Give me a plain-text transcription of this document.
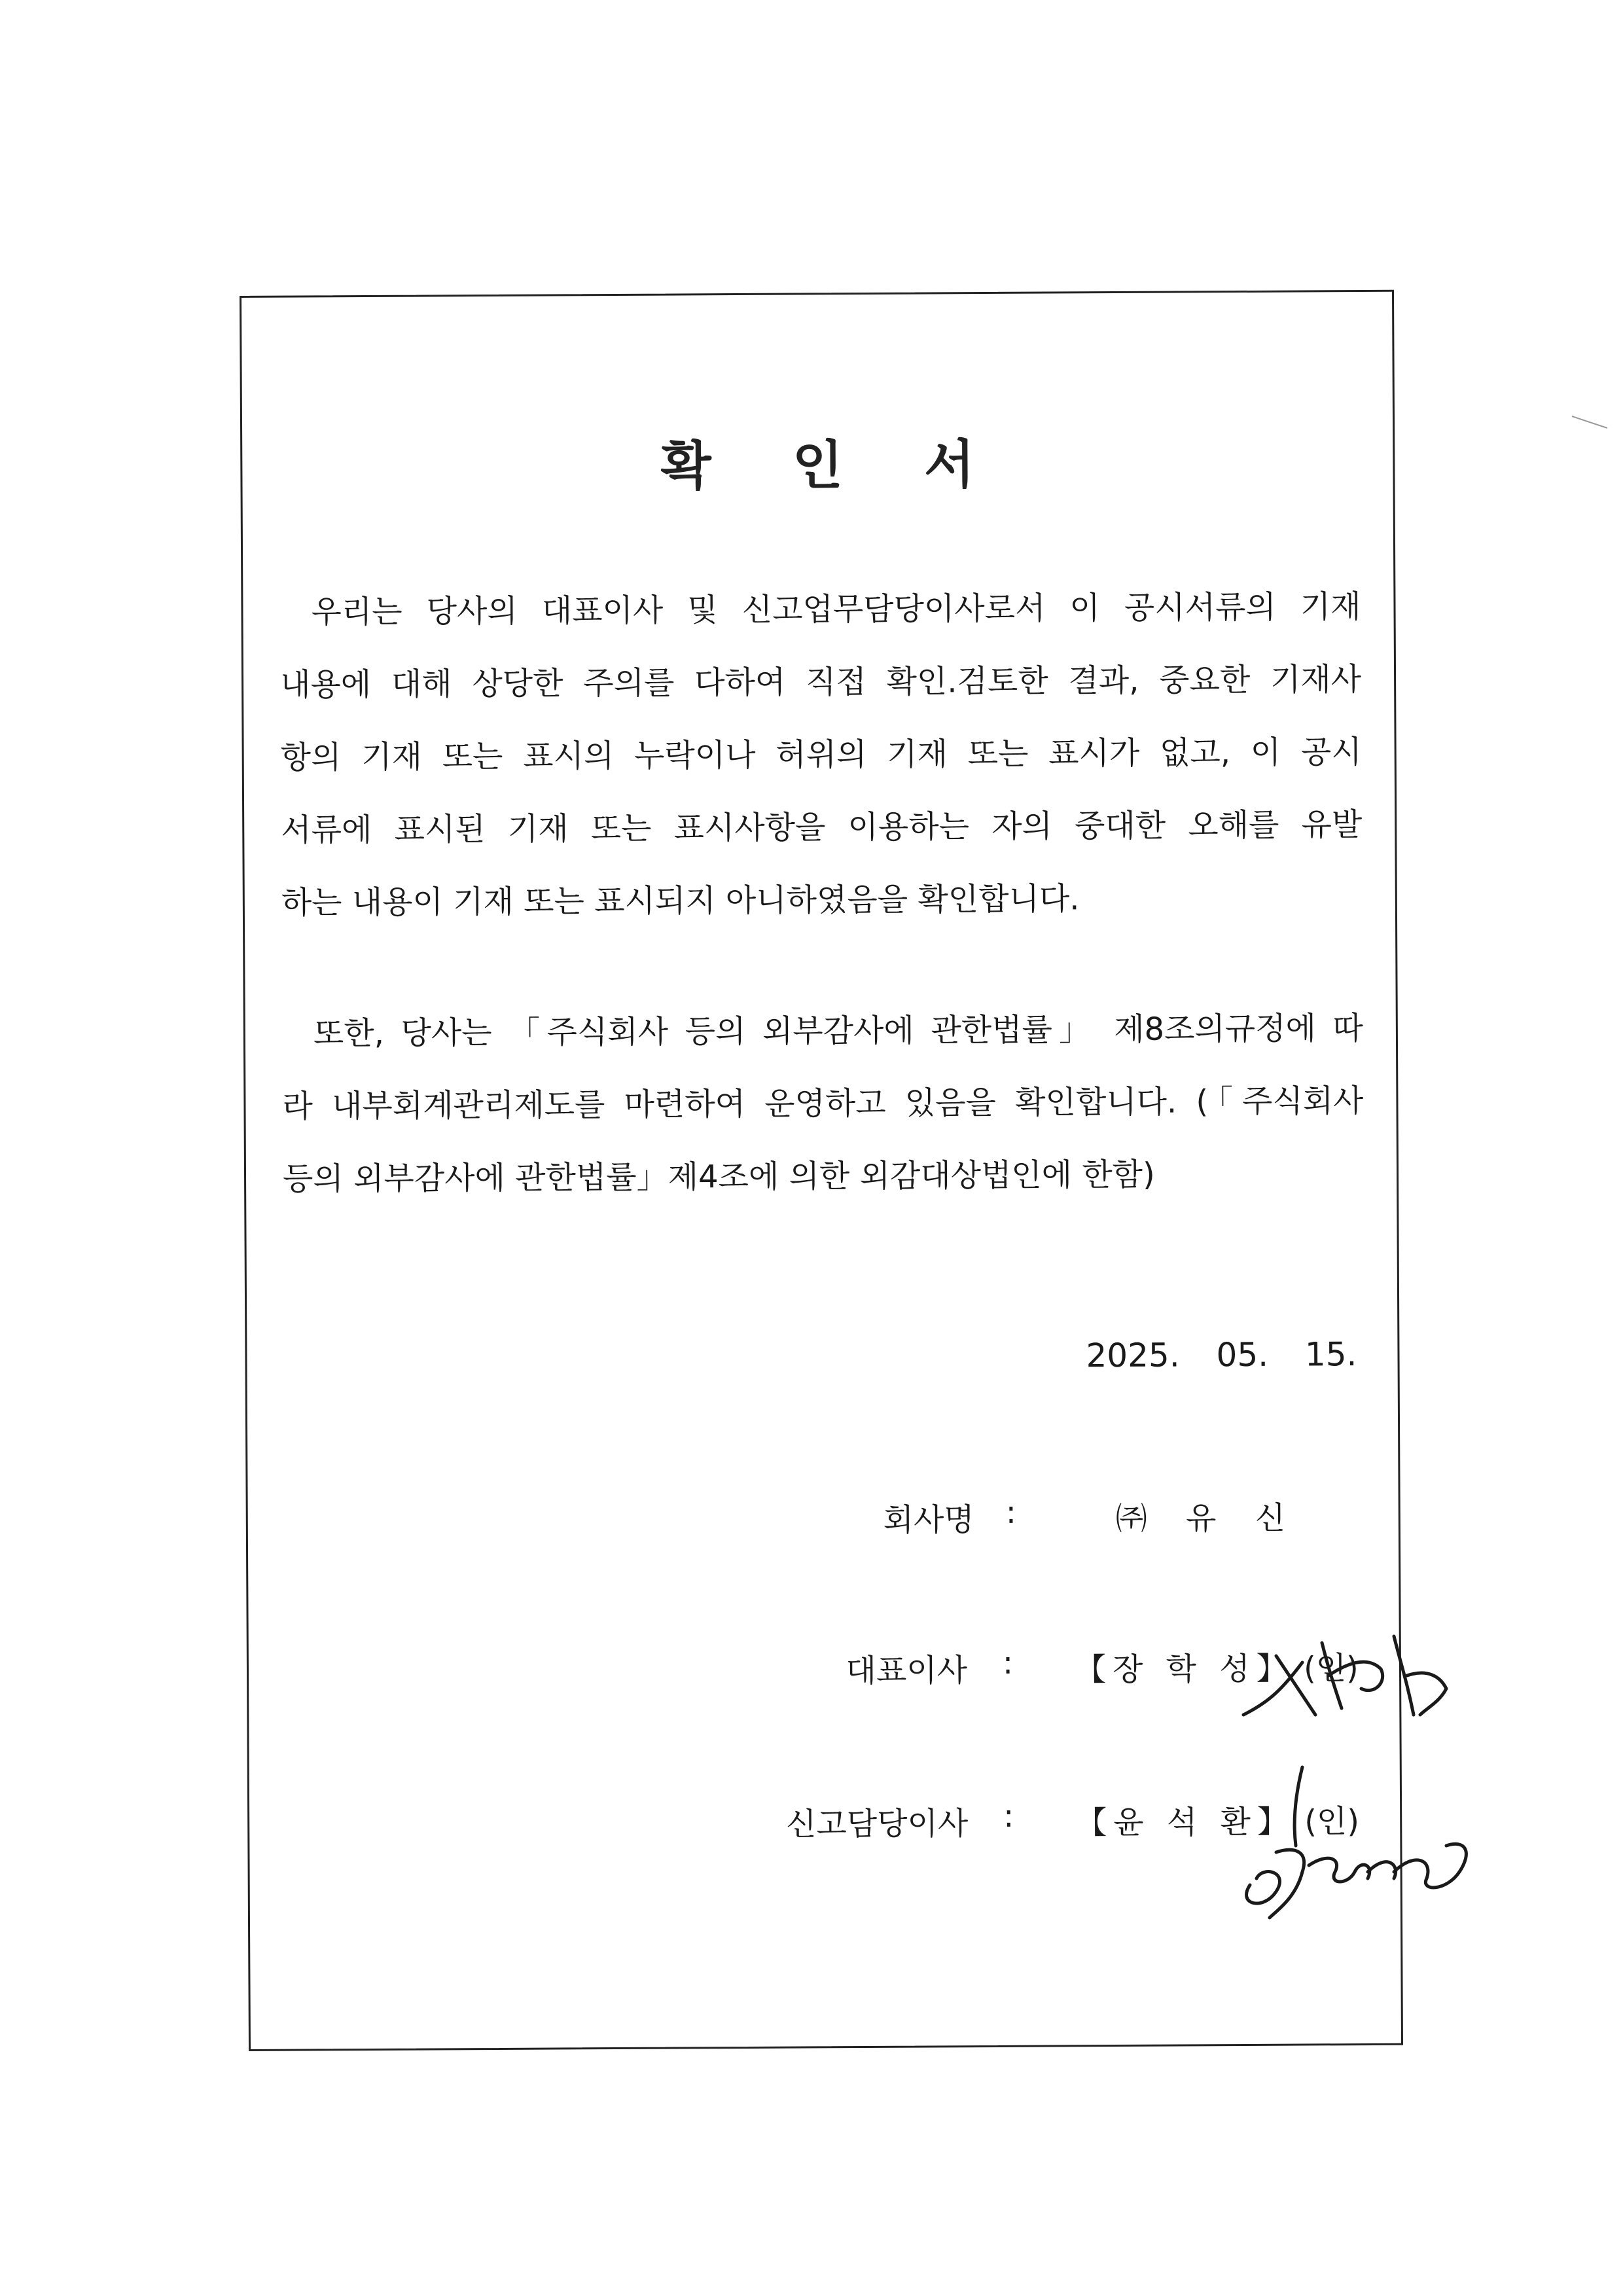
확 인 서
우리는 당사의 대표이사 및 신고업무담당이사로서 이 공시서류의 기재
내용에 대해 상당한 주의를 다하여 직접 확인.검토한 결과, 중요한 기재사
항의 기재 또는 표시의 누락이나 허위의 기재 또는 표시가 없고, 이 공시
서류에 표시된 기재 또는 표시사항을 이용하는 자의 중대한 오해를 유발
하는 내용이 기재 또는 표시되지 아니하였음을 확인합니다.
또한, 당사는 「주식회사 등의 외부감사에 관한법률」 제8조의규정에 따
라 내부회계관리제도를 마련하여 운영하고 있음을 확인합니다. (「주식회사
등의 외부감사에 관한법률」제4조에 의한 외감대상법인에 한함)
2025. 05. 15.
회사명 :	㈜ 유 신
대표이사 : 【장 학 성】 (인)
신고담당이사 : 【윤 석 환】 (인)
